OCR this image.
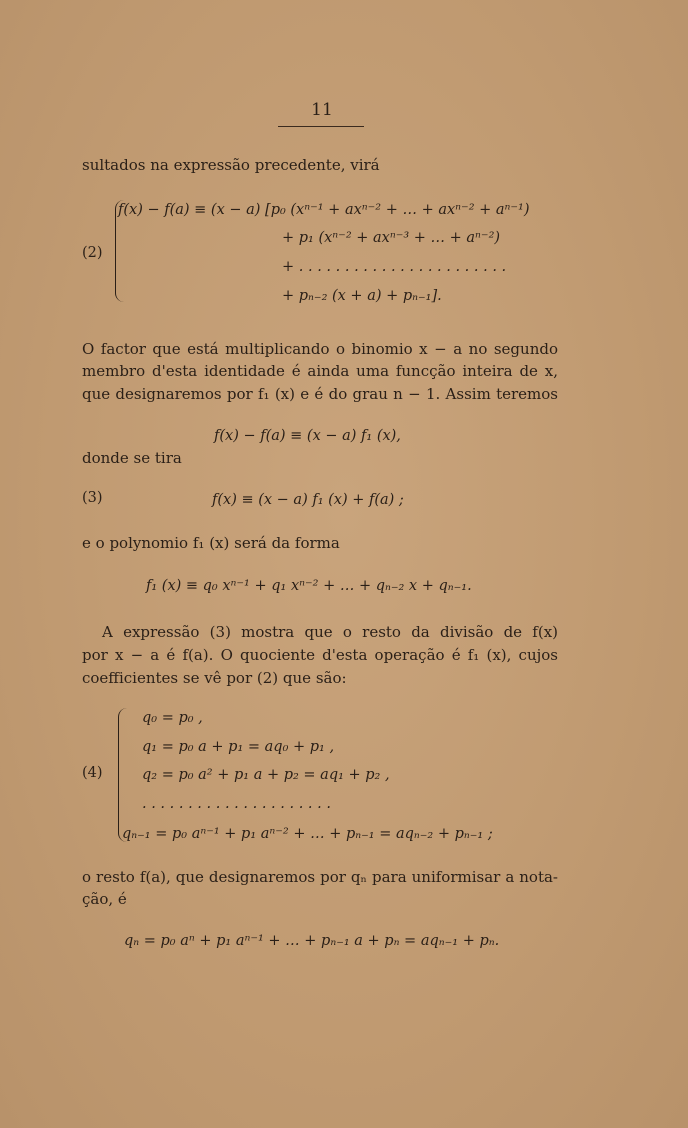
11
sultados na expressão precedente, virá
(2)
f(x) − f(a) ≡ (x − a) [p₀ (xⁿ⁻¹ + axⁿ⁻² + … + axⁿ⁻² + aⁿ⁻¹)
+ p₁ (xⁿ⁻² + axⁿ⁻³ + … + aⁿ⁻²)
+ . . . . . . . . . . . . . . . . . . . . . . .
+ pₙ₋₂ (x + a) + pₙ₋₁].
O factor que está multiplicando o binomio x − a no segundo
membro d'esta identidade é ainda uma funcção inteira de x,
que designaremos por f₁ (x) e é do grau n − 1. Assim teremos
f(x) − f(a) ≡ (x − a) f₁ (x),
donde se tira
(3)	f(x) ≡ (x − a) f₁ (x) + f(a) ;
e o polynomio f₁ (x) será da forma
f₁ (x) ≡ q₀ xⁿ⁻¹ + q₁ xⁿ⁻² + … + qₙ₋₂ x + qₙ₋₁.
A expressão (3) mostra que o resto da divisão de f(x)
por x − a é f(a). O quociente d'esta operação é f₁ (x), cujos
coefficientes se vê por (2) que são:
(4)
q₀ = p₀ ,
q₁ = p₀ a + p₁ = aq₀ + p₁ ,
q₂ = p₀ a² + p₁ a + p₂ = aq₁ + p₂ ,
. . . . . . . . . . . . . . . . . . . . .
qₙ₋₁ = p₀ aⁿ⁻¹ + p₁ aⁿ⁻² + … + pₙ₋₁ = aqₙ₋₂ + pₙ₋₁ ;
o resto f(a), que designaremos por qₙ para uniformisar a nota-
ção, é
qₙ = p₀ aⁿ + p₁ aⁿ⁻¹ + … + pₙ₋₁ a + pₙ = aqₙ₋₁ + pₙ.
